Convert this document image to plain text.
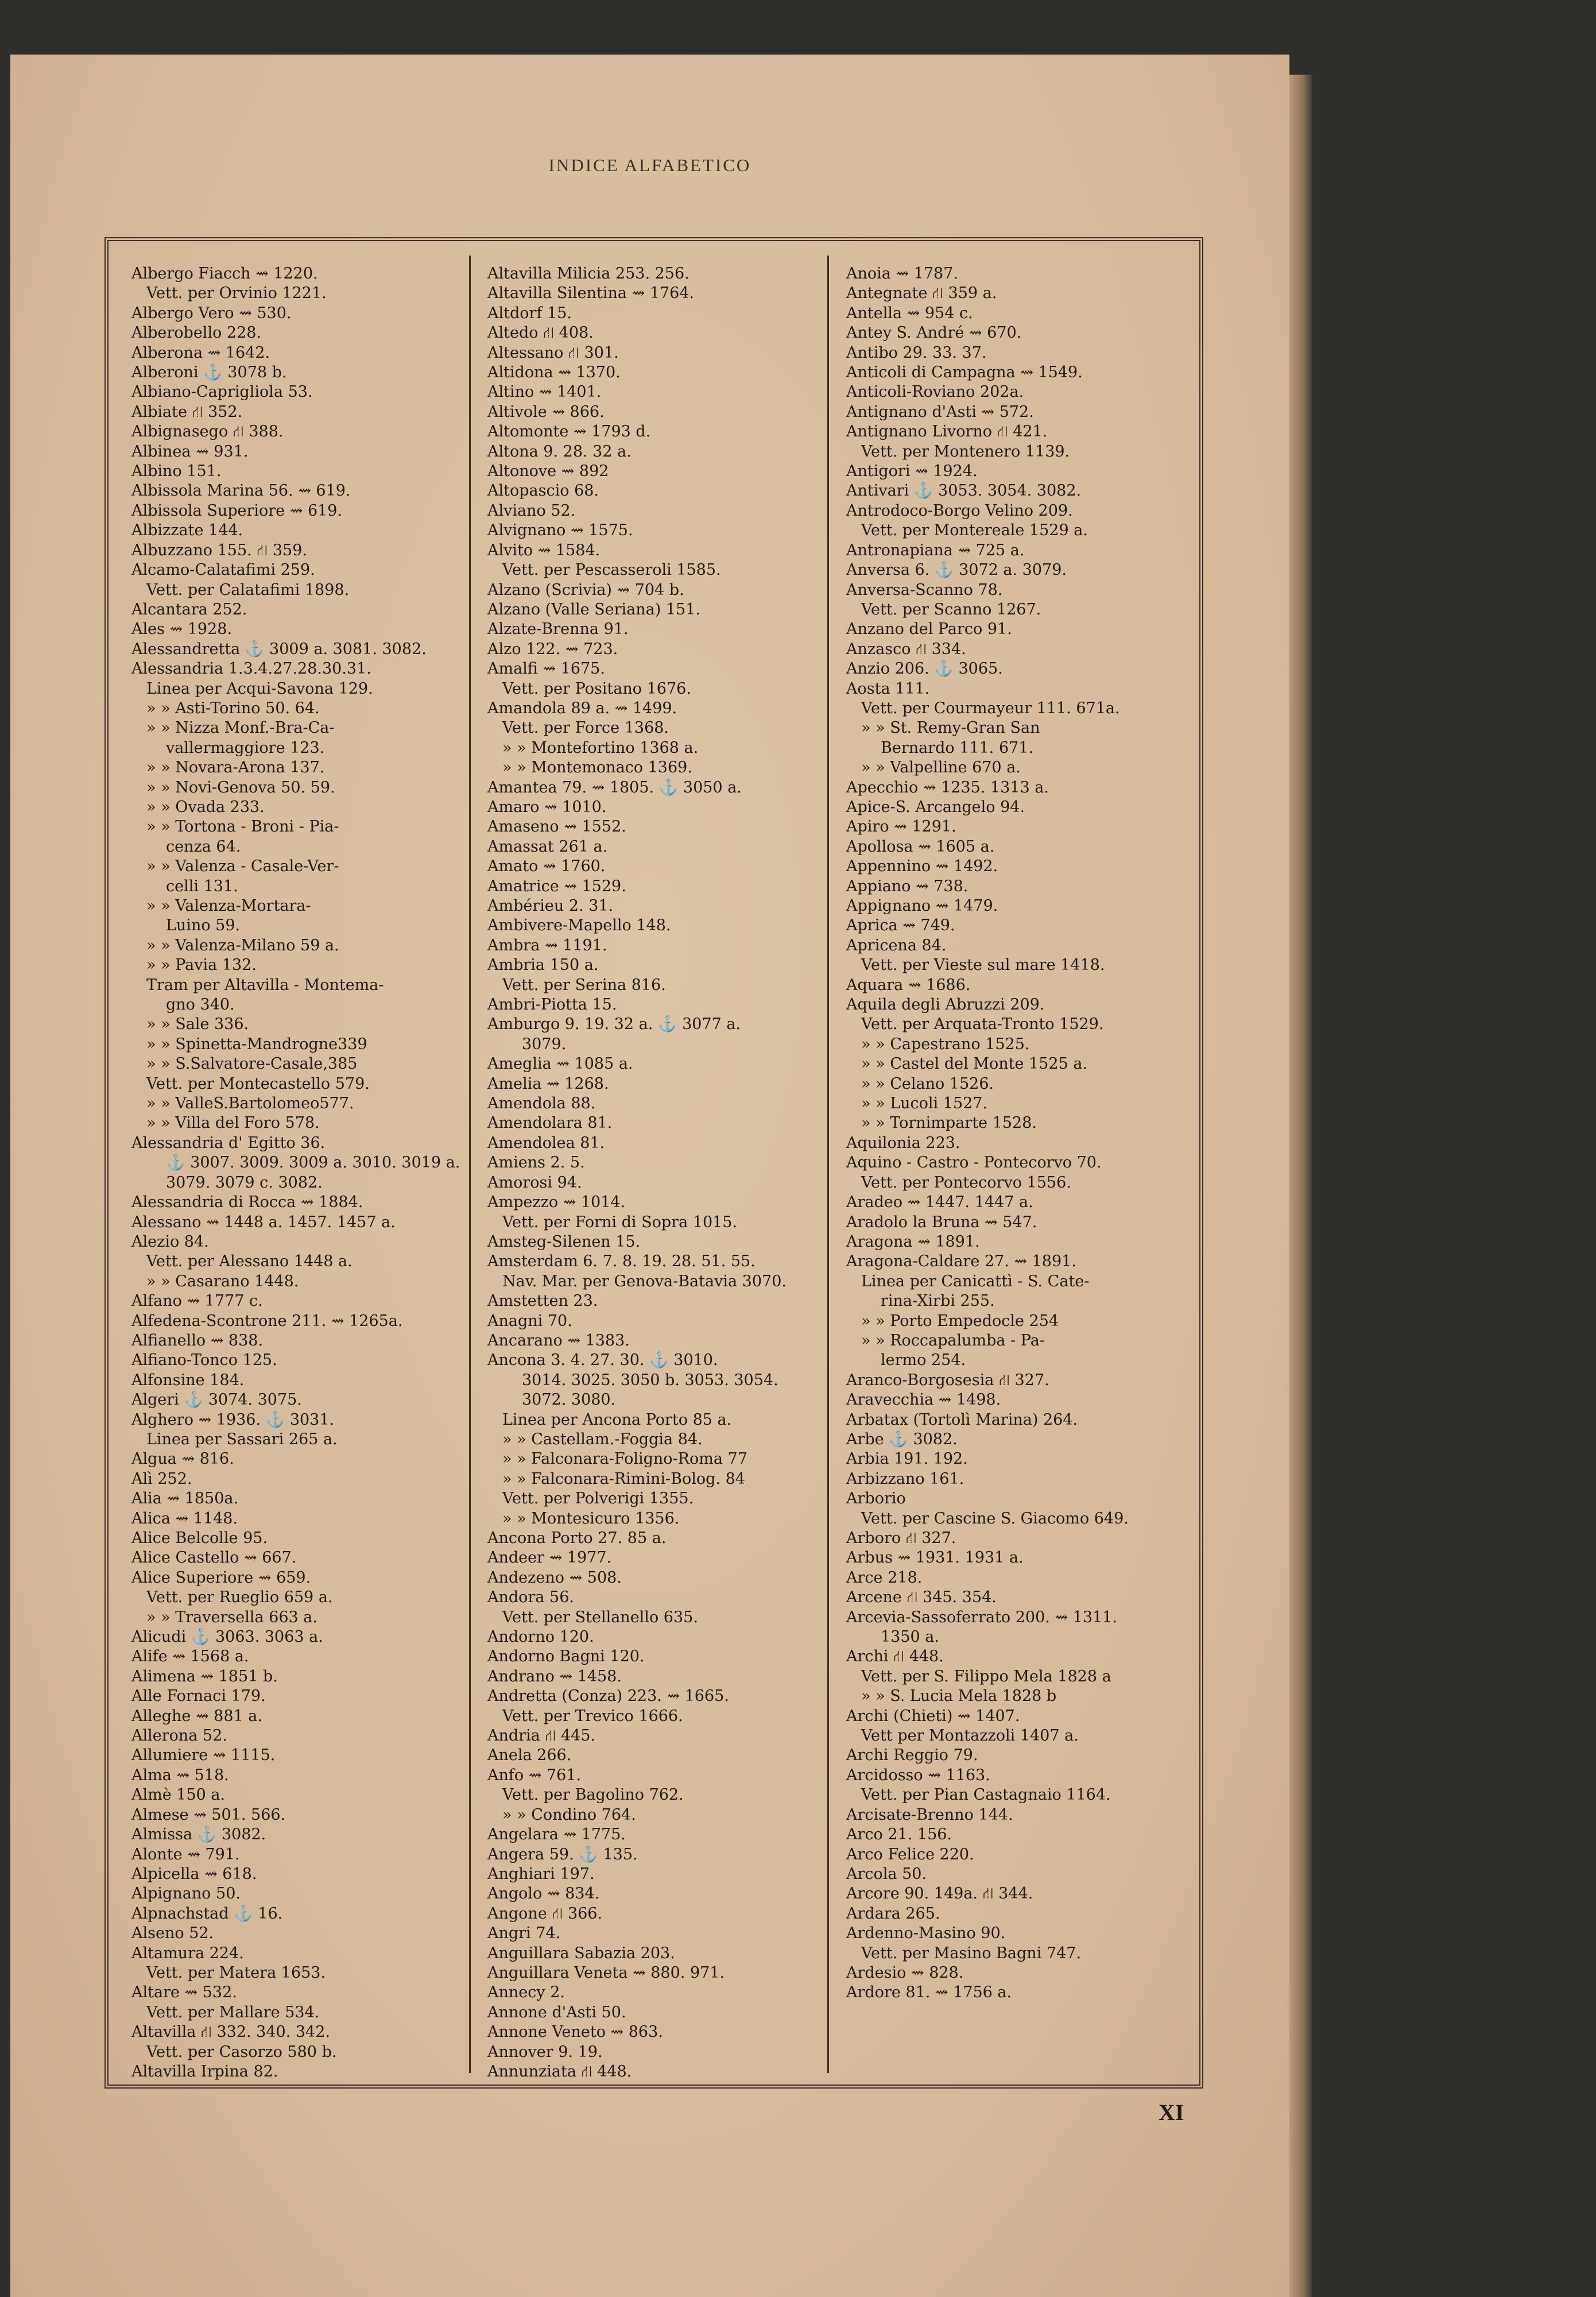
INDICE ALFABETICO
Albergo Fiacch ⇝ 1220.
Vett. per Orvinio 1221.
Albergo Vero ⇝ 530.
Alberobello 228.
Alberona ⇝ 1642.
Alberoni ⚓ 3078 b.
Albiano-Caprigliola 53.
Albiate ⛙ 352.
Albignasego ⛙ 388.
Albinea ⇝ 931.
Albino 151.
Albissola Marina 56. ⇝ 619.
Albissola Superiore ⇝ 619.
Albizzate 144.
Albuzzano 155. ⛙ 359.
Alcamo-Calatafimi 259.
Vett. per Calatafimi 1898.
Alcantara 252.
Ales ⇝ 1928.
Alessandretta ⚓ 3009 a. 3081. 3082.
Alessandria 1.3.4.27.28.30.31.
Linea per Acqui-Savona 129.
» » Asti-Torino 50. 64.
» » Nizza Monf.-Bra-Ca-
vallermaggiore 123.
» » Novara-Arona 137.
» » Novi-Genova 50. 59.
» » Ovada 233.
» » Tortona - Broni - Pia-
cenza 64.
» » Valenza - Casale-Ver-
celli 131.
» » Valenza-Mortara-
Luino 59.
» » Valenza-Milano 59 a.
» » Pavia 132.
Tram per Altavilla - Montema-
gno 340.
» » Sale 336.
» » Spinetta-Mandrogne339
» » S.Salvatore-Casale,385
Vett. per Montecastello 579.
» » ValleS.Bartolomeo577.
» » Villa del Foro 578.
Alessandria d' Egitto 36.
⚓ 3007. 3009. 3009 a. 3010. 3019 a.
3079. 3079 c. 3082.
Alessandria di Rocca ⇝ 1884.
Alessano ⇝ 1448 a. 1457. 1457 a.
Alezio 84.
Vett. per Alessano 1448 a.
» » Casarano 1448.
Alfano ⇝ 1777 c.
Alfedena-Scontrone 211. ⇝ 1265a.
Alfianello ⇝ 838.
Alfiano-Tonco 125.
Alfonsine 184.
Algeri ⚓ 3074. 3075.
Alghero ⇝ 1936. ⚓ 3031.
Linea per Sassari 265 a.
Algua ⇝ 816.
Alì 252.
Alia ⇝ 1850a.
Alica ⇝ 1148.
Alice Belcolle 95.
Alice Castello ⇝ 667.
Alice Superiore ⇝ 659.
Vett. per Rueglio 659 a.
» » Traversella 663 a.
Alicudi ⚓ 3063. 3063 a.
Alife ⇝ 1568 a.
Alimena ⇝ 1851 b.
Alle Fornaci 179.
Alleghe ⇝ 881 a.
Allerona 52.
Allumiere ⇝ 1115.
Alma ⇝ 518.
Almè 150 a.
Almese ⇝ 501. 566.
Almissa ⚓ 3082.
Alonte ⇝ 791.
Alpicella ⇝ 618.
Alpignano 50.
Alpnachstad ⚓ 16.
Alseno 52.
Altamura 224.
Vett. per Matera 1653.
Altare ⇝ 532.
Vett. per Mallare 534.
Altavilla ⛙ 332. 340. 342.
Vett. per Casorzo 580 b.
Altavilla Irpina 82.
Altavilla Milicia 253. 256.
Altavilla Silentina ⇝ 1764.
Altdorf 15.
Altedo ⛙ 408.
Altessano ⛙ 301.
Altidona ⇝ 1370.
Altino ⇝ 1401.
Altivole ⇝ 866.
Altomonte ⇝ 1793 d.
Altona 9. 28. 32 a.
Altonove ⇝ 892
Altopascio 68.
Alviano 52.
Alvignano ⇝ 1575.
Alvito ⇝ 1584.
Vett. per Pescasseroli 1585.
Alzano (Scrivia) ⇝ 704 b.
Alzano (Valle Seriana) 151.
Alzate-Brenna 91.
Alzo 122. ⇝ 723.
Amalfi ⇝ 1675.
Vett. per Positano 1676.
Amandola 89 a. ⇝ 1499.
Vett. per Force 1368.
» » Montefortino 1368 a.
» » Montemonaco 1369.
Amantea 79. ⇝ 1805. ⚓ 3050 a.
Amaro ⇝ 1010.
Amaseno ⇝ 1552.
Amassat 261 a.
Amato ⇝ 1760.
Amatrice ⇝ 1529.
Ambérieu 2. 31.
Ambivere-Mapello 148.
Ambra ⇝ 1191.
Ambria 150 a.
Vett. per Serina 816.
Ambri-Piotta 15.
Amburgo 9. 19. 32 a. ⚓ 3077 a.
3079.
Ameglia ⇝ 1085 a.
Amelia ⇝ 1268.
Amendola 88.
Amendolara 81.
Amendolea 81.
Amiens 2. 5.
Amorosi 94.
Ampezzo ⇝ 1014.
Vett. per Forni di Sopra 1015.
Amsteg-Silenen 15.
Amsterdam 6. 7. 8. 19. 28. 51. 55.
Nav. Mar. per Genova-Batavia 3070.
Amstetten 23.
Anagni 70.
Ancarano ⇝ 1383.
Ancona 3. 4. 27. 30. ⚓ 3010.
3014. 3025. 3050 b. 3053. 3054.
3072. 3080.
Linea per Ancona Porto 85 a.
» » Castellam.-Foggia 84.
» » Falconara-Foligno-Roma 77
» » Falconara-Rimini-Bolog. 84
Vett. per Polverigi 1355.
» » Montesicuro 1356.
Ancona Porto 27. 85 a.
Andeer ⇝ 1977.
Andezeno ⇝ 508.
Andora 56.
Vett. per Stellanello 635.
Andorno 120.
Andorno Bagni 120.
Andrano ⇝ 1458.
Andretta (Conza) 223. ⇝ 1665.
Vett. per Trevico 1666.
Andria ⛙ 445.
Anela 266.
Anfo ⇝ 761.
Vett. per Bagolino 762.
» » Condino 764.
Angelara ⇝ 1775.
Angera 59. ⚓ 135.
Anghiari 197.
Angolo ⇝ 834.
Angone ⛙ 366.
Angri 74.
Anguillara Sabazia 203.
Anguillara Veneta ⇝ 880. 971.
Annecy 2.
Annone d'Asti 50.
Annone Veneto ⇝ 863.
Annover 9. 19.
Annunziata ⛙ 448.
Anoia ⇝ 1787.
Antegnate ⛙ 359 a.
Antella ⇝ 954 c.
Antey S. André ⇝ 670.
Antibo 29. 33. 37.
Anticoli di Campagna ⇝ 1549.
Anticoli-Roviano 202a.
Antignano d'Asti ⇝ 572.
Antignano Livorno ⛙ 421.
Vett. per Montenero 1139.
Antigori ⇝ 1924.
Antivari ⚓ 3053. 3054. 3082.
Antrodoco-Borgo Velino 209.
Vett. per Montereale 1529 a.
Antronapiana ⇝ 725 a.
Anversa 6. ⚓ 3072 a. 3079.
Anversa-Scanno 78.
Vett. per Scanno 1267.
Anzano del Parco 91.
Anzasco ⛙ 334.
Anzio 206. ⚓ 3065.
Aosta 111.
Vett. per Courmayeur 111. 671a.
» » St. Remy-Gran San
Bernardo 111. 671.
» » Valpelline 670 a.
Apecchio ⇝ 1235. 1313 a.
Apice-S. Arcangelo 94.
Apiro ⇝ 1291.
Apollosa ⇝ 1605 a.
Appennino ⇝ 1492.
Appiano ⇝ 738.
Appignano ⇝ 1479.
Aprica ⇝ 749.
Apricena 84.
Vett. per Vieste sul mare 1418.
Aquara ⇝ 1686.
Aquila degli Abruzzi 209.
Vett. per Arquata-Tronto 1529.
» » Capestrano 1525.
» » Castel del Monte 1525 a.
» » Celano 1526.
» » Lucoli 1527.
» » Tornimparte 1528.
Aquilonia 223.
Aquino - Castro - Pontecorvo 70.
Vett. per Pontecorvo 1556.
Aradeo ⇝ 1447. 1447 a.
Aradolo la Bruna ⇝ 547.
Aragona ⇝ 1891.
Aragona-Caldare 27. ⇝ 1891.
Linea per Canicattì - S. Cate-
rina-Xirbi 255.
» » Porto Empedocle 254
» » Roccapalumba - Pa-
lermo 254.
Aranco-Borgosesia ⛙ 327.
Aravecchia ⇝ 1498.
Arbatax (Tortolì Marina) 264.
Arbe ⚓ 3082.
Arbia 191. 192.
Arbizzano 161.
Arborio
Vett. per Cascine S. Giacomo 649.
Arboro ⛙ 327.
Arbus ⇝ 1931. 1931 a.
Arce 218.
Arcene ⛙ 345. 354.
Arcevia-Sassoferrato 200. ⇝ 1311.
1350 a.
Archi ⛙ 448.
Vett. per S. Filippo Mela 1828 a
» » S. Lucia Mela 1828 b
Archi (Chieti) ⇝ 1407.
Vett per Montazzoli 1407 a.
Archi Reggio 79.
Arcidosso ⇝ 1163.
Vett. per Pian Castagnaio 1164.
Arcisate-Brenno 144.
Arco 21. 156.
Arco Felice 220.
Arcola 50.
Arcore 90. 149a. ⛙ 344.
Ardara 265.
Ardenno-Masino 90.
Vett. per Masino Bagni 747.
Ardesio ⇝ 828.
Ardore 81. ⇝ 1756 a.
XI
